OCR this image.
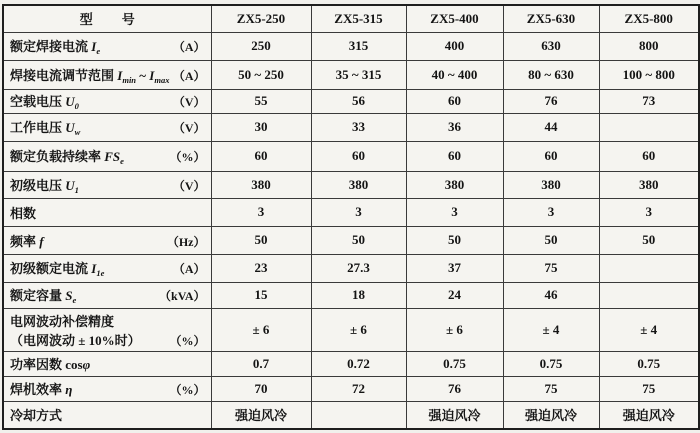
型　　号	ZX5-250	ZX5-315	ZX5-400	ZX5-630	ZX5-800

额定焊接电流 $I_e$ （A）	250	315	400	630	800

焊接电流调节范围 $I_{min}$ ~ $I_{max}$ （A）	50 ~ 250	35 ~ 315	40 ~ 400	80 ~ 630	100 ~ 800

空载电压 $U_0$ （V）	55	56	60	76	73

工作电压 $U_w$ （V）	30	33	36	44	

额定负载持续率 $FS_e$ （%）	60	60	60	60	60

初级电压 $U_1$ （V）	380	380	380	380	380

相数	3	3	3	3	3

频率 f （Hz）	50	50	50	50	50

初级额定电流 $I_{1e}$ （A）	23	27.3	37	75	

额定容量 $S_e$ （kVA）	15	18	24	46	

电网波动补偿精度
（电网波动 ± 10%时） （%）	± 6	± 6	± 6	± 4	± 4

功率因数 cosφ	0.7	0.72	0.75	0.75	0.75

焊机效率 η （%）	70	72	76	75	75

冷却方式	强迫风冷		强迫风冷	强迫风冷	强迫风冷
